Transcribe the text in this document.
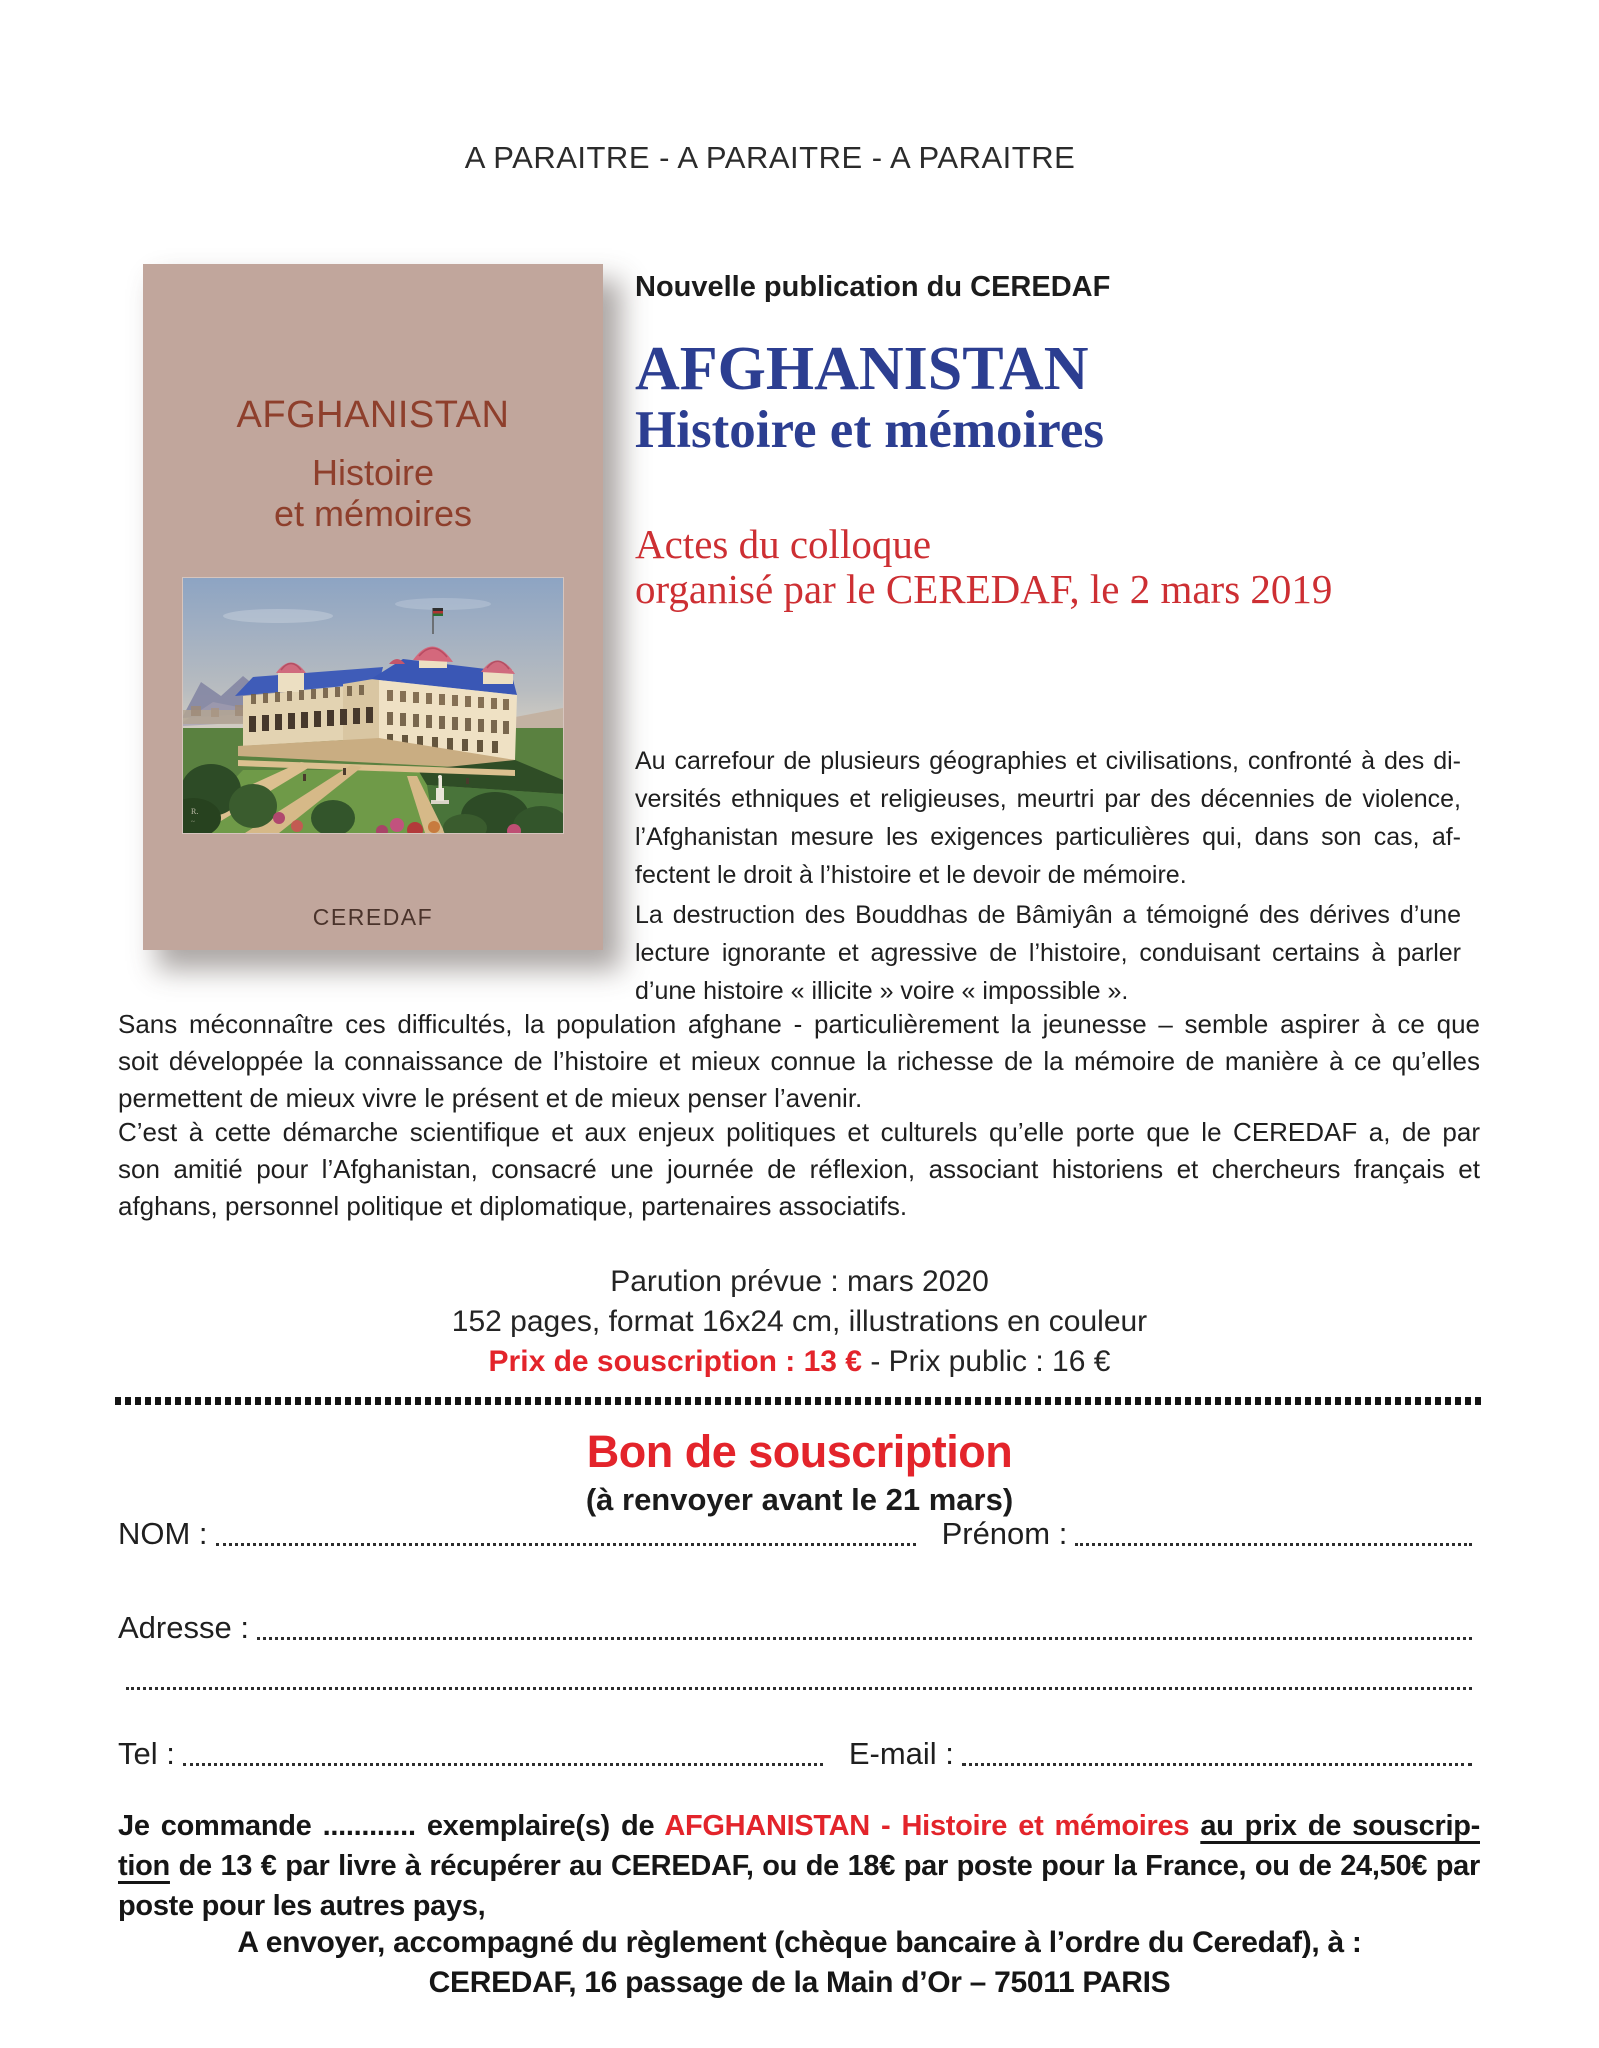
A PARAITRE - A PARAITRE - A PARAITRE
AFGHANISTAN
Histoire
et mémoires
R.
~
CEREDAF
Nouvelle publication du CEREDAF
AFGHANISTAN
Histoire et mémoires
Actes du colloque
organisé par le CEREDAF, le 2 mars 2019
Au carrefour de plusieurs géographies et civilisations, confronté à des di-
versités ethniques et religieuses, meurtri par des décennies de violence,
l’Afghanistan mesure les exigences particulières qui, dans son cas, af-
fectent le droit à l’histoire et le devoir de mémoire.
La destruction des Bouddhas de Bâmiyân a témoigné des dérives d’une
lecture ignorante et agressive de l’histoire, conduisant certains à parler
d’une histoire « illicite » voire « impossible ».
Sans méconnaître ces difficultés, la population afghane - particulièrement la jeunesse – semble aspirer à ce que
soit développée la connaissance de l’histoire et mieux connue la richesse de la mémoire de manière à ce qu’elles
permettent de mieux vivre le présent et de mieux penser l’avenir.
C’est à cette démarche scientifique et aux enjeux politiques et culturels qu’elle porte que le CEREDAF a, de par
son amitié pour l’Afghanistan, consacré une journée de réflexion, associant historiens et chercheurs français et
afghans, personnel politique et diplomatique, partenaires associatifs.
Parution prévue : mars 2020
152 pages, format 16x24 cm, illustrations en couleur
Prix de souscription : 13 € - Prix public : 16 €
Bon de souscription
(à renvoyer avant le 21 mars)
NOM :	Prénom :
Adresse :
Tel :	E-mail :
Je commande ............ exemplaire(s) de AFGHANISTAN - Histoire et mémoires au prix de souscrip-
tion de 13 € par livre à récupérer au CEREDAF, ou de 18€ par poste pour la France, ou de 24,50€ par
poste pour les autres pays,
A envoyer, accompagné du règlement (chèque bancaire à l’ordre du Ceredaf), à :
CEREDAF, 16 passage de la Main d’Or – 75011 PARIS
